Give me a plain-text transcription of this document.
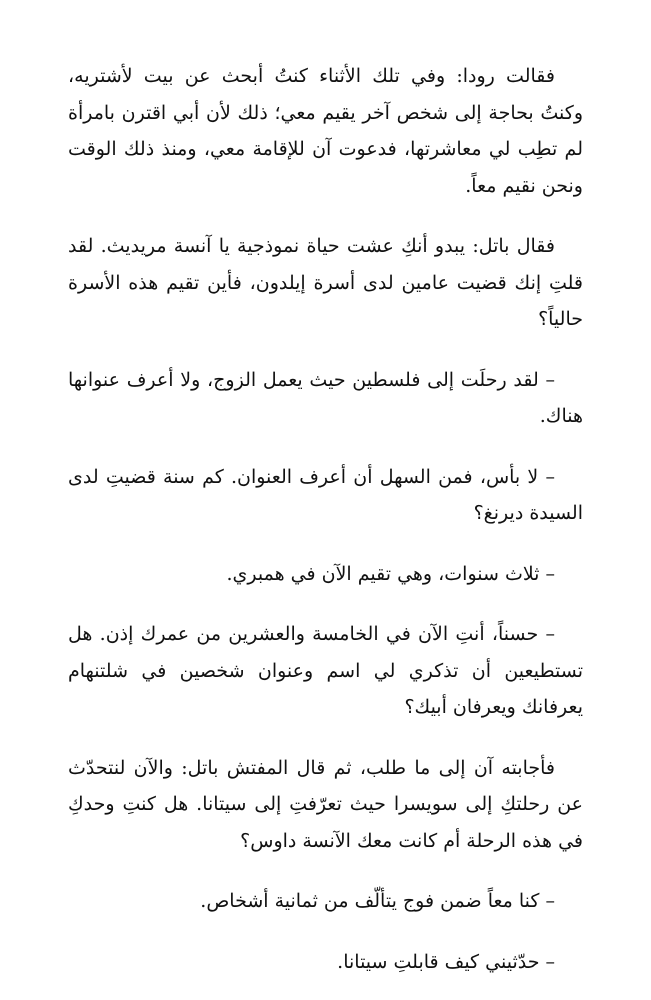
فقالت رودا: وفي تلك الأثناء كنتُ أبحث عن بيت لأشتريه، وكنتُ بحاجة إلى شخص آخر يقيم معي؛ ذلك لأن أبي اقترن بامرأة لم تطِب لي معاشرتها، فدعوت آن للإقامة معي، ومنذ ذلك الوقت ونحن نقيم معاً.

فقال باتل: يبدو أنكِ عشت حياة نموذجية يا آنسة مريديث. لقد قلتِ إنك قضيت عامين لدى أسرة إيلدون، فأين تقيم هذه الأسرة حالياً؟

– لقد رحلَت إلى فلسطين حيث يعمل الزوج، ولا أعرف عنوانها هناك.

– لا بأس، فمن السهل أن أعرف العنوان. كم سنة قضيتِ لدى السيدة ديرنغ؟

– ثلاث سنوات، وهي تقيم الآن في همبري.

– حسناً، أنتِ الآن في الخامسة والعشرين من عمرك إذن. هل تستطيعين أن تذكري لي اسم وعنوان شخصين في شلتنهام يعرفانك ويعرفان أبيك؟

فأجابته آن إلى ما طلب، ثم قال المفتش باتل: والآن لنتحدّث عن رحلتكِ إلى سويسرا حيث تعرّفتِ إلى سيتانا. هل كنتِ وحدكِ في هذه الرحلة أم كانت معك الآنسة داوس؟

– كنا معاً ضمن فوج يتألّف من ثمانية أشخاص.

– حدّثيني كيف قابلتِ سيتانا.
